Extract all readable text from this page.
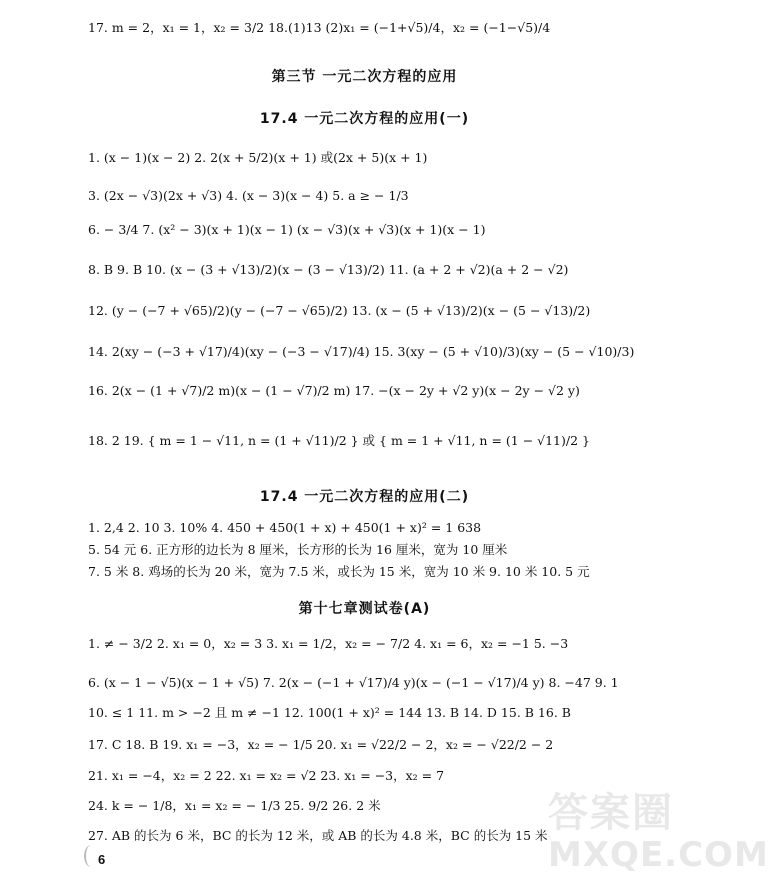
17. m = 2，x₁ = 1，x₂ = 3/2 18.(1)13 (2)x₁ = (−1+√5)/4，x₂ = (−1−√5)/4
第三节 一元二次方程的应用
17.4 一元二次方程的应用(一)
1. (x − 1)(x − 2) 2. 2(x + 5/2)(x + 1) 或(2x + 5)(x + 1)
3. (2x − √3)(2x + √3) 4. (x − 3)(x − 4) 5. a ≥ − 1/3
6. − 3/4 7. (x² − 3)(x + 1)(x − 1) (x − √3)(x + √3)(x + 1)(x − 1)
8. B 9. B 10. (x − (3 + √13)/2)(x − (3 − √13)/2) 11. (a + 2 + √2)(a + 2 − √2)
12. (y − (−7 + √65)/2)(y − (−7 − √65)/2) 13. (x − (5 + √13)/2)(x − (5 − √13)/2)
14. 2(xy − (−3 + √17)/4)(xy − (−3 − √17)/4) 15. 3(xy − (5 + √10)/3)(xy − (5 − √10)/3)
16. 2(x − (1 + √7)/2 m)(x − (1 − √7)/2 m) 17. −(x − 2y + √2 y)(x − 2y − √2 y)
18. 2 19. { m = 1 − √11, n = (1 + √11)/2 } 或 { m = 1 + √11, n = (1 − √11)/2 }
17.4 一元二次方程的应用(二)
1. 2,4 2. 10 3. 10% 4. 450 + 450(1 + x) + 450(1 + x)² = 1 638
5. 54 元 6. 正方形的边长为 8 厘米，长方形的长为 16 厘米，宽为 10 厘米
7. 5 米 8. 鸡场的长为 20 米，宽为 7.5 米，或长为 15 米，宽为 10 米 9. 10 米 10. 5 元
第十七章测试卷(A)
1. ≠ − 3/2 2. x₁ = 0，x₂ = 3 3. x₁ = 1/2，x₂ = − 7/2 4. x₁ = 6，x₂ = −1 5. −3
6. (x − 1 − √5)(x − 1 + √5) 7. 2(x − (−1 + √17)/4 y)(x − (−1 − √17)/4 y) 8. −47 9. 1
10. ≤ 1 11. m > −2 且 m ≠ −1 12. 100(1 + x)² = 144 13. B 14. D 15. B 16. B
17. C 18. B 19. x₁ = −3，x₂ = − 1/5 20. x₁ = √22/2 − 2，x₂ = − √22/2 − 2
21. x₁ = −4，x₂ = 2 22. x₁ = x₂ = √2 23. x₁ = −3，x₂ = 7
24. k = − 1/8，x₁ = x₂ = − 1/3 25. 9/2 26. 2 米
27. AB 的长为 6 米，BC 的长为 12 米，或 AB 的长为 4.8 米，BC 的长为 15 米
6
答案圈
MXQE.COM
